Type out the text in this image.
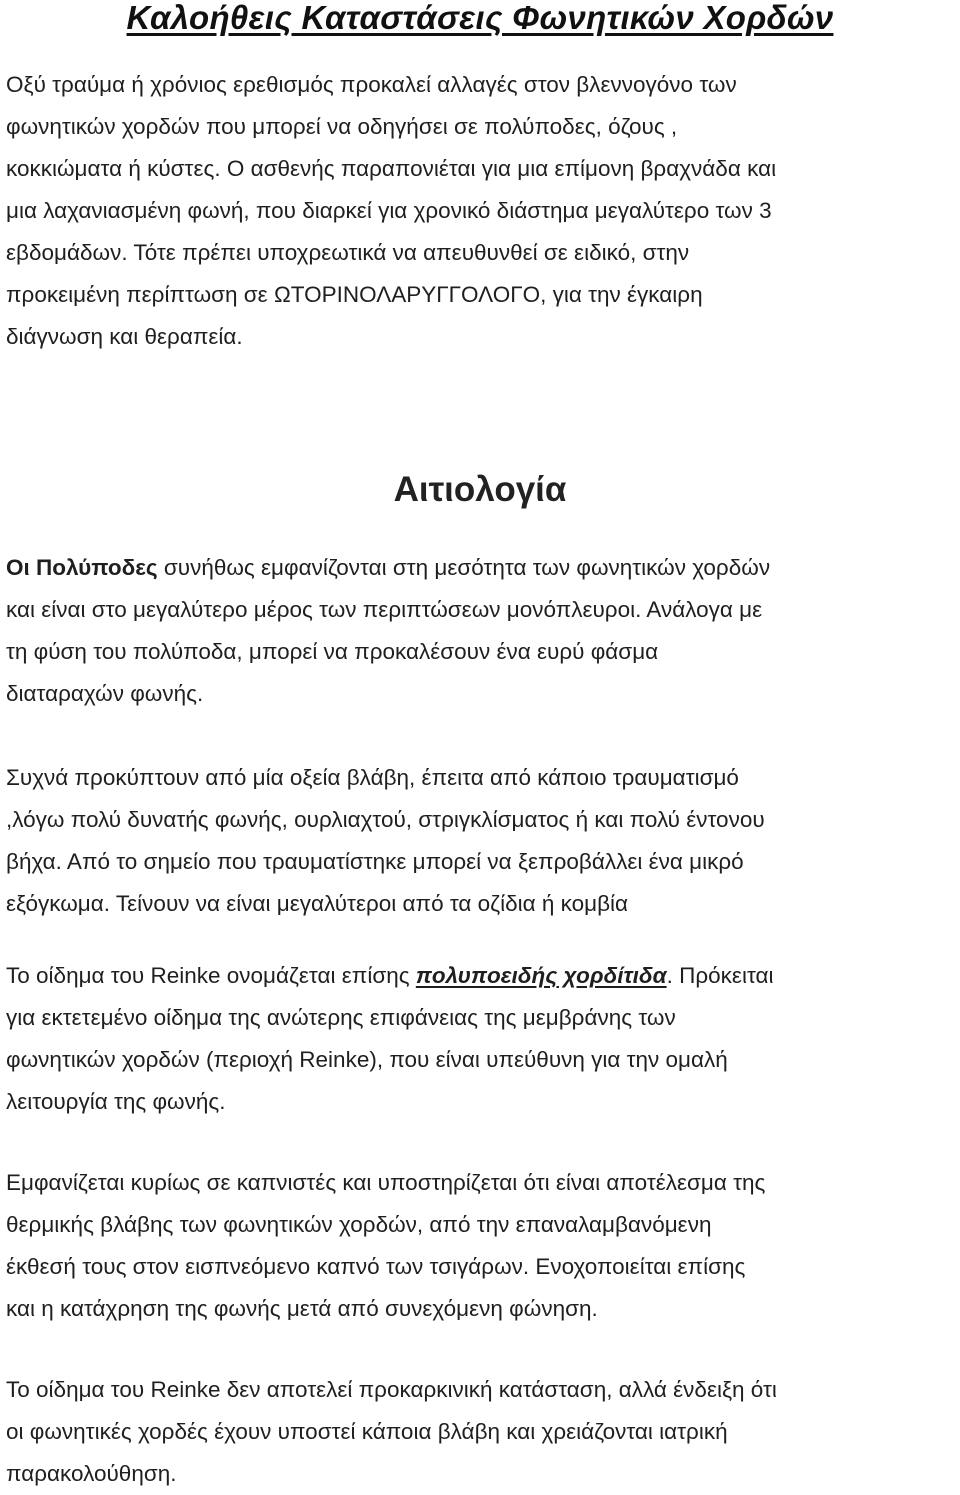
Καλοήθεις Καταστάσεις Φωνητικών Χορδών

Οξύ τραύμα ή χρόνιος ερεθισμός προκαλεί αλλαγές στον βλεννογόνο των
φωνητικών χορδών που μπορεί να οδηγήσει σε πολύποδες, όζους ,
κοκκιώματα ή κύστες. Ο ασθενής παραπονιέται για μια επίμονη βραχνάδα και
μια λαχανιασμένη φωνή, που διαρκεί για χρονικό διάστημα μεγαλύτερο των 3
εβδομάδων. Τότε πρέπει υποχρεωτικά να απευθυνθεί σε ειδικό, στην
προκειμένη περίπτωση σε ΩΤΟΡΙΝΟΛΑΡΥΓΓΟΛΟΓΟ, για την έγκαιρη
διάγνωση και θεραπεία.

Αιτιολογία

Οι Πολύποδες συνήθως εμφανίζονται στη μεσότητα των φωνητικών χορδών
και είναι στο μεγαλύτερο μέρος των περιπτώσεων μονόπλευροι. Ανάλογα με
τη φύση του πολύποδα, μπορεί να προκαλέσουν ένα ευρύ φάσμα
διαταραχών φωνής.

Συχνά προκύπτουν από μία οξεία βλάβη, έπειτα από κάποιο τραυματισμό
,λόγω πολύ δυνατής φωνής, ουρλιαχτού, στριγκλίσματος ή και πολύ έντονου
βήχα. Από το σημείο που τραυματίστηκε μπορεί να ξεπροβάλλει ένα μικρό
εξόγκωμα. Τείνουν να είναι μεγαλύτεροι από τα οζίδια ή κομβία

Το οίδημα του Reinke ονομάζεται επίσης πολυποειδής χορδίτιδα. Πρόκειται
για εκτετεμένο οίδημα της ανώτερης επιφάνειας της μεμβράνης των
φωνητικών χορδών (περιοχή Reinke), που είναι υπεύθυνη για την ομαλή
λειτουργία της φωνής.

Εμφανίζεται κυρίως σε καπνιστές και υποστηρίζεται ότι είναι αποτέλεσμα της
θερμικής βλάβης των φωνητικών χορδών, από την επαναλαμβανόμενη
έκθεσή τους στον εισπνεόμενο καπνό των τσιγάρων. Ενοχοποιείται επίσης
και η κατάχρηση της φωνής μετά από συνεχόμενη φώνηση.

Το οίδημα του Reinke δεν αποτελεί προκαρκινική κατάσταση, αλλά ένδειξη ότι
οι φωνητικές χορδές έχουν υποστεί κάποια βλάβη και χρειάζονται ιατρική
παρακολούθηση.
